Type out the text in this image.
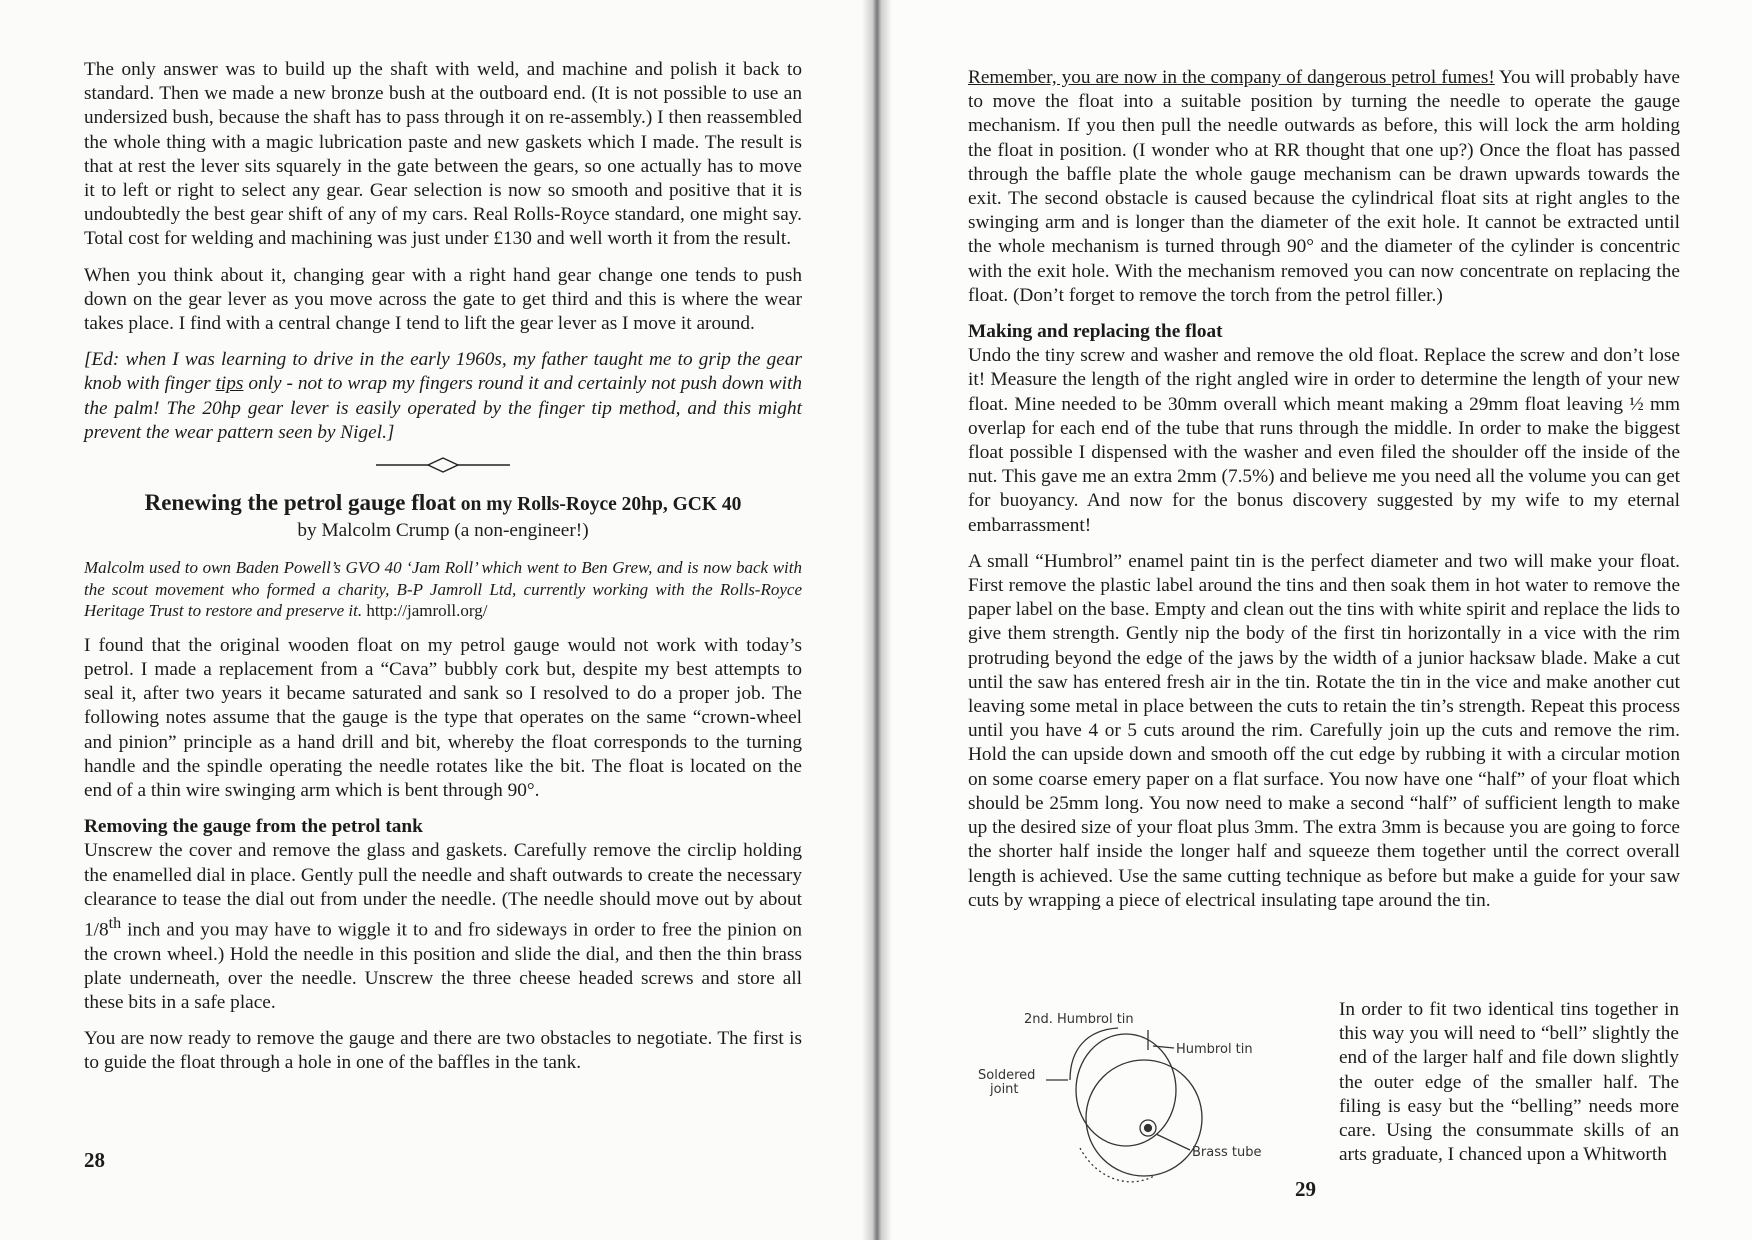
The only answer was to build up the shaft with weld, and machine and polish it back to standard. Then we made a new bronze bush at the outboard end. (It is not possible to use an undersized bush, because the shaft has to pass through it on re-assembly.) I then reassembled the whole thing with a magic lubrication paste and new gaskets which I made. The result is that at rest the lever sits squarely in the gate between the gears, so one actually has to move it to left or right to select any gear. Gear selection is now so smooth and positive that it is undoubtedly the best gear shift of any of my cars. Real Rolls-Royce standard, one might say. Total cost for welding and machining was just under £130 and well worth it from the result.

When you think about it, changing gear with a right hand gear change one tends to push down on the gear lever as you move across the gate to get third and this is where the wear takes place. I find with a central change I tend to lift the gear lever as I move it around.

[Ed: when I was learning to drive in the early 1960s, my father taught me to grip the gear knob with finger tips only - not to wrap my fingers round it and certainly not push down with the palm! The 20hp gear lever is easily operated by the finger tip method, and this might prevent the wear pattern seen by Nigel.]

Renewing the petrol gauge float on my Rolls-Royce 20hp, GCK 40

by Malcolm Crump (a non-engineer!)

Malcolm used to own Baden Powell’s GVO 40 ‘Jam Roll’ which went to Ben Grew, and is now back with the scout movement who formed a charity, B-P Jamroll Ltd, currently working with the Rolls-Royce Heritage Trust to restore and preserve it. http://jamroll.org/

I found that the original wooden float on my petrol gauge would not work with today’s petrol. I made a replacement from a “Cava” bubbly cork but, despite my best attempts to seal it, after two years it became saturated and sank so I resolved to do a proper job. The following notes assume that the gauge is the type that operates on the same “crown-wheel and pinion” principle as a hand drill and bit, whereby the float corresponds to the turning handle and the spindle operating the needle rotates like the bit. The float is located on the end of a thin wire swinging arm which is bent through 90°.

Removing the gauge from the petrol tank

Unscrew the cover and remove the glass and gaskets. Carefully remove the circlip holding the enamelled dial in place. Gently pull the needle and shaft outwards to create the necessary clearance to tease the dial out from under the needle. (The needle should move out by about 1/8th inch and you may have to wiggle it to and fro sideways in order to free the pinion on the crown wheel.) Hold the needle in this position and slide the dial, and then the thin brass plate underneath, over the needle. Unscrew the three cheese headed screws and store all these bits in a safe place.

You are now ready to remove the gauge and there are two obstacles to negotiate. The first is to guide the float through a hole in one of the baffles in the tank.

28

Remember, you are now in the company of dangerous petrol fumes! You will probably have to move the float into a suitable position by turning the needle to operate the gauge mechanism. If you then pull the needle outwards as before, this will lock the arm holding the float in position. (I wonder who at RR thought that one up?) Once the float has passed through the baffle plate the whole gauge mechanism can be drawn upwards towards the exit. The second obstacle is caused because the cylindrical float sits at right angles to the swinging arm and is longer than the diameter of the exit hole. It cannot be extracted until the whole mechanism is turned through 90° and the diameter of the cylinder is concentric with the exit hole. With the mechanism removed you can now concentrate on replacing the float. (Don’t forget to remove the torch from the petrol filler.)

Making and replacing the float

Undo the tiny screw and washer and remove the old float. Replace the screw and don’t lose it! Measure the length of the right angled wire in order to determine the length of your new float. Mine needed to be 30mm overall which meant making a 29mm float leaving ½ mm overlap for each end of the tube that runs through the middle. In order to make the biggest float possible I dispensed with the washer and even filed the shoulder off the inside of the nut. This gave me an extra 2mm (7.5%) and believe me you need all the volume you can get for buoyancy. And now for the bonus discovery suggested by my wife to my eternal embarrassment!

A small “Humbrol” enamel paint tin is the perfect diameter and two will make your float. First remove the plastic label around the tins and then soak them in hot water to remove the paper label on the base. Empty and clean out the tins with white spirit and replace the lids to give them strength. Gently nip the body of the first tin horizontally in a vice with the rim protruding beyond the edge of the jaws by the width of a junior hacksaw blade. Make a cut until the saw has entered fresh air in the tin. Rotate the tin in the vice and make another cut leaving some metal in place between the cuts to retain the tin’s strength. Repeat this process until you have 4 or 5 cuts around the rim. Carefully join up the cuts and remove the rim. Hold the can upside down and smooth off the cut edge by rubbing it with a circular motion on some coarse emery paper on a flat surface. You now have one “half” of your float which should be 25mm long. You now need to make a second “half” of sufficient length to make up the desired size of your float plus 3mm. The extra 3mm is because you are going to force the shorter half inside the longer half and squeeze them together until the correct overall length is achieved. Use the same cutting technique as before but make a guide for your saw cuts by wrapping a piece of electrical insulating tape around the tin.

2nd. Humbrol tin
Humbrol tin
Soldered
joint
Brass tube

In order to fit two identical tins together in this way you will need to “bell” slightly the end of the larger half and file down slightly the outer edge of the smaller half. The filing is easy but the “belling” needs more care. Using the consummate skills of an arts graduate, I chanced upon a Whitworth

29
